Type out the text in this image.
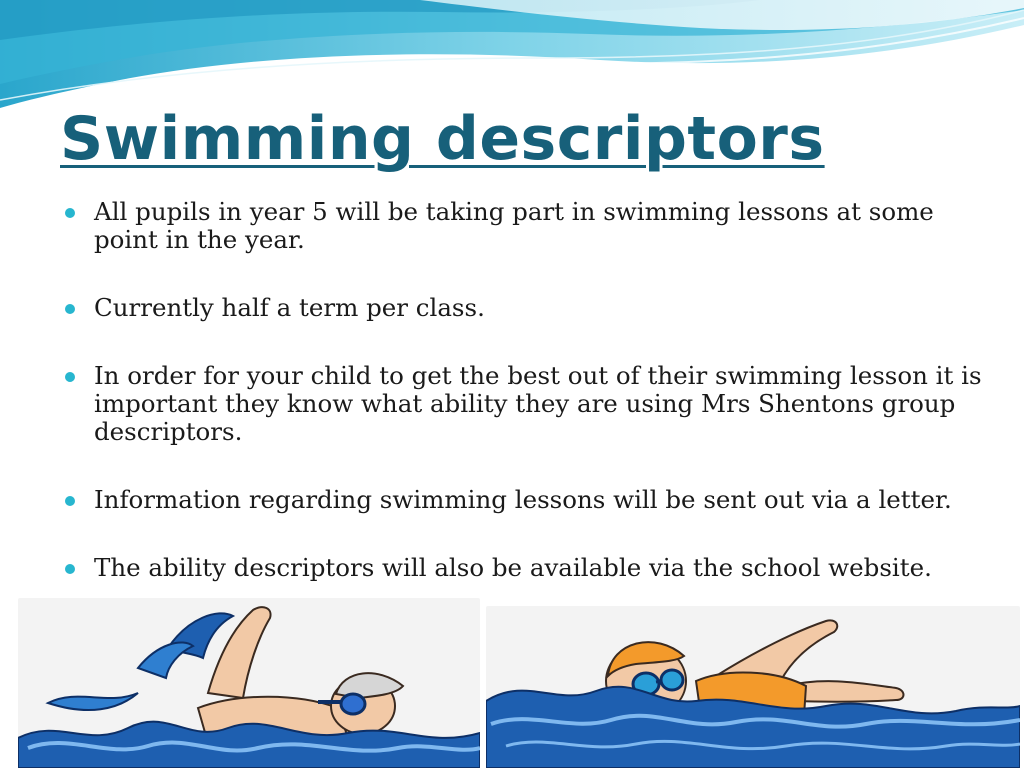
Swimming descriptors
All pupils in year 5 will be taking part in swimming lessons at some point in the year.
Currently half a term per class.
In order for your child to get the best out of their swimming lesson it is important they know what ability they are using Mrs Shentons group descriptors.
Information regarding swimming lessons will be sent out via a letter.
The ability descriptors will also be available via the school website.
